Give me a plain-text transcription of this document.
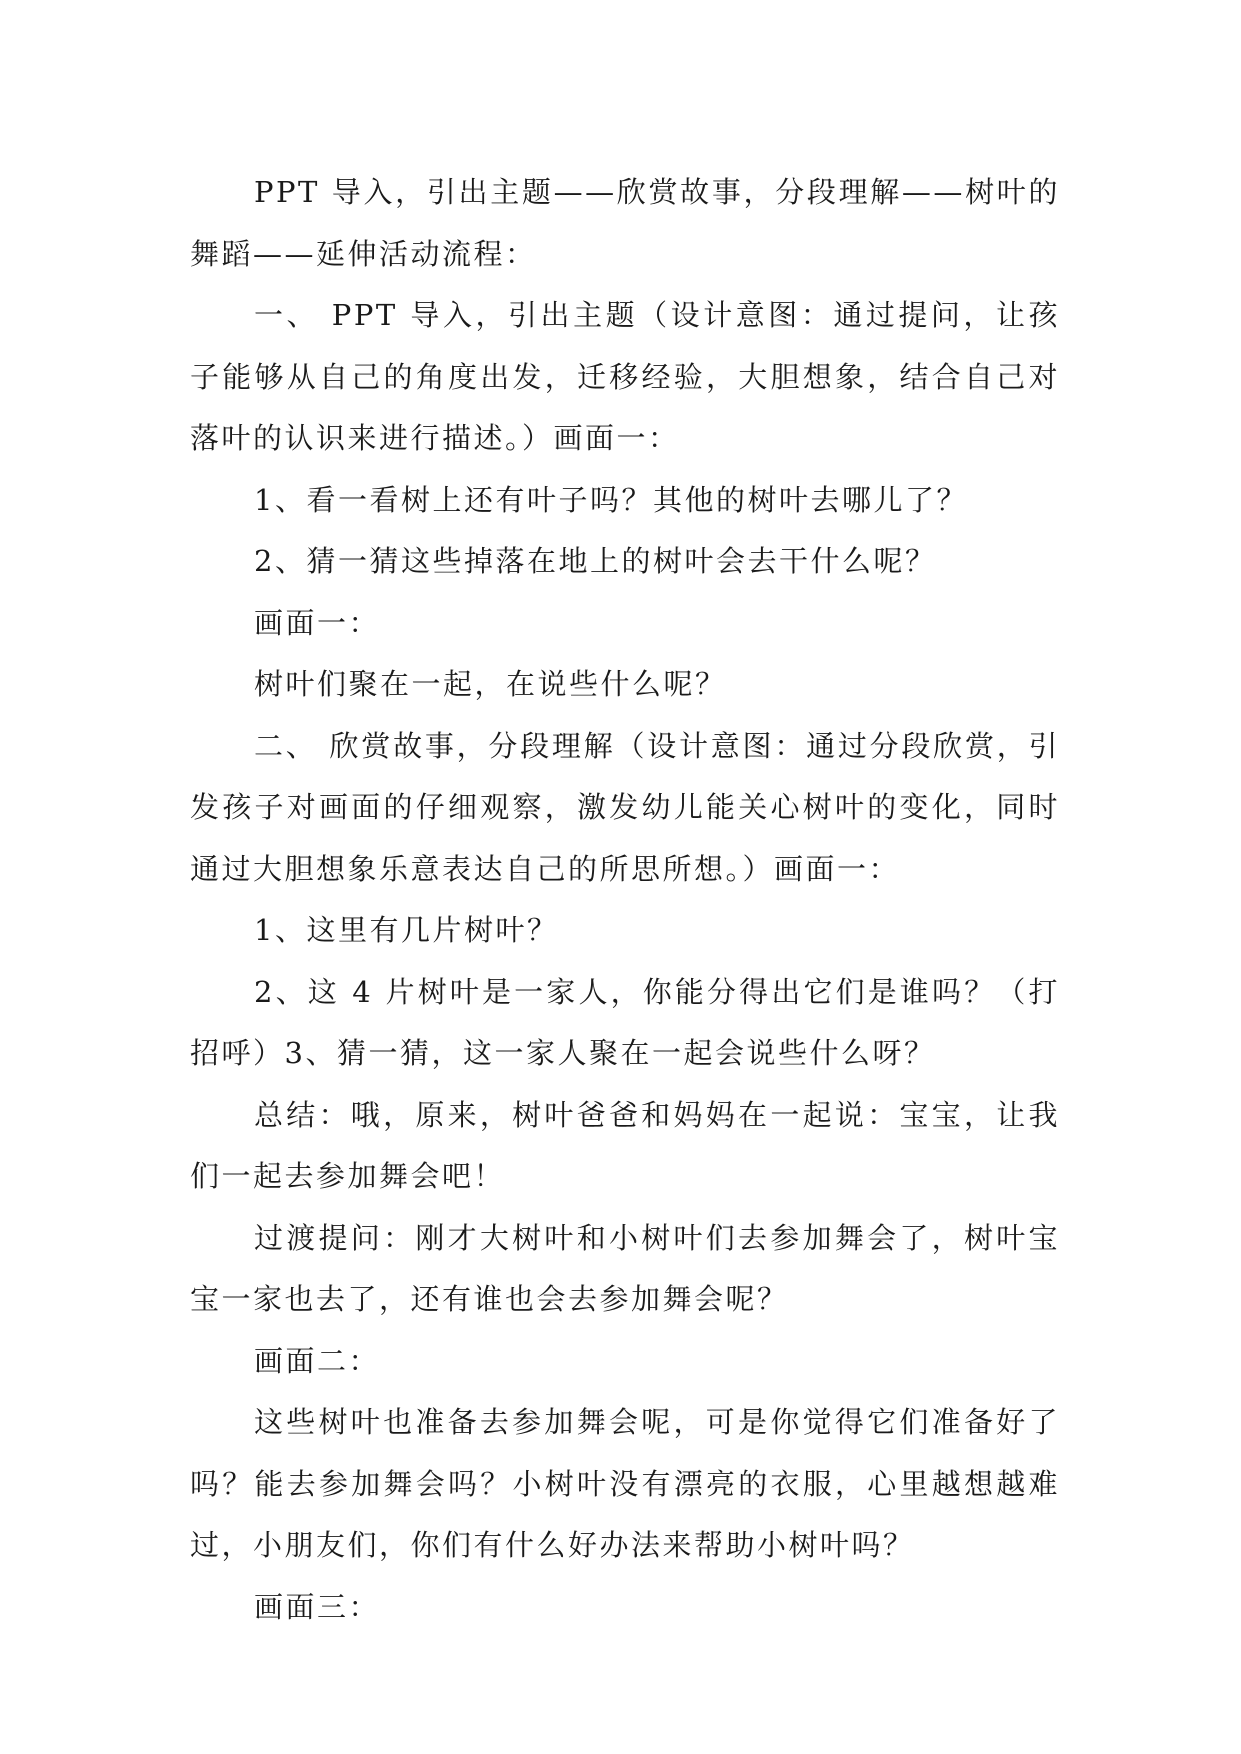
PPT 导入，引出主题——欣赏故事，分段理解——树叶的舞蹈——延伸活动流程：

一、 PPT 导入，引出主题（设计意图：通过提问，让孩子能够从自己的角度出发，迁移经验，大胆想象，结合自己对落叶的认识来进行描述。）画面一：

1、看一看树上还有叶子吗？其他的树叶去哪儿了？

2、猜一猜这些掉落在地上的树叶会去干什么呢？

画面一：

树叶们聚在一起，在说些什么呢？

二、 欣赏故事，分段理解（设计意图：通过分段欣赏，引发孩子对画面的仔细观察，激发幼儿能关心树叶的变化，同时通过大胆想象乐意表达自己的所思所想。）画面一：

1、这里有几片树叶？

2、这 4 片树叶是一家人，你能分得出它们是谁吗？（打招呼）3、猜一猜，这一家人聚在一起会说些什么呀？

总结：哦，原来，树叶爸爸和妈妈在一起说：宝宝，让我们一起去参加舞会吧！

过渡提问：刚才大树叶和小树叶们去参加舞会了，树叶宝宝一家也去了，还有谁也会去参加舞会呢？

画面二：

这些树叶也准备去参加舞会呢，可是你觉得它们准备好了吗？能去参加舞会吗？小树叶没有漂亮的衣服，心里越想越难过，小朋友们，你们有什么好办法来帮助小树叶吗？

画面三：
